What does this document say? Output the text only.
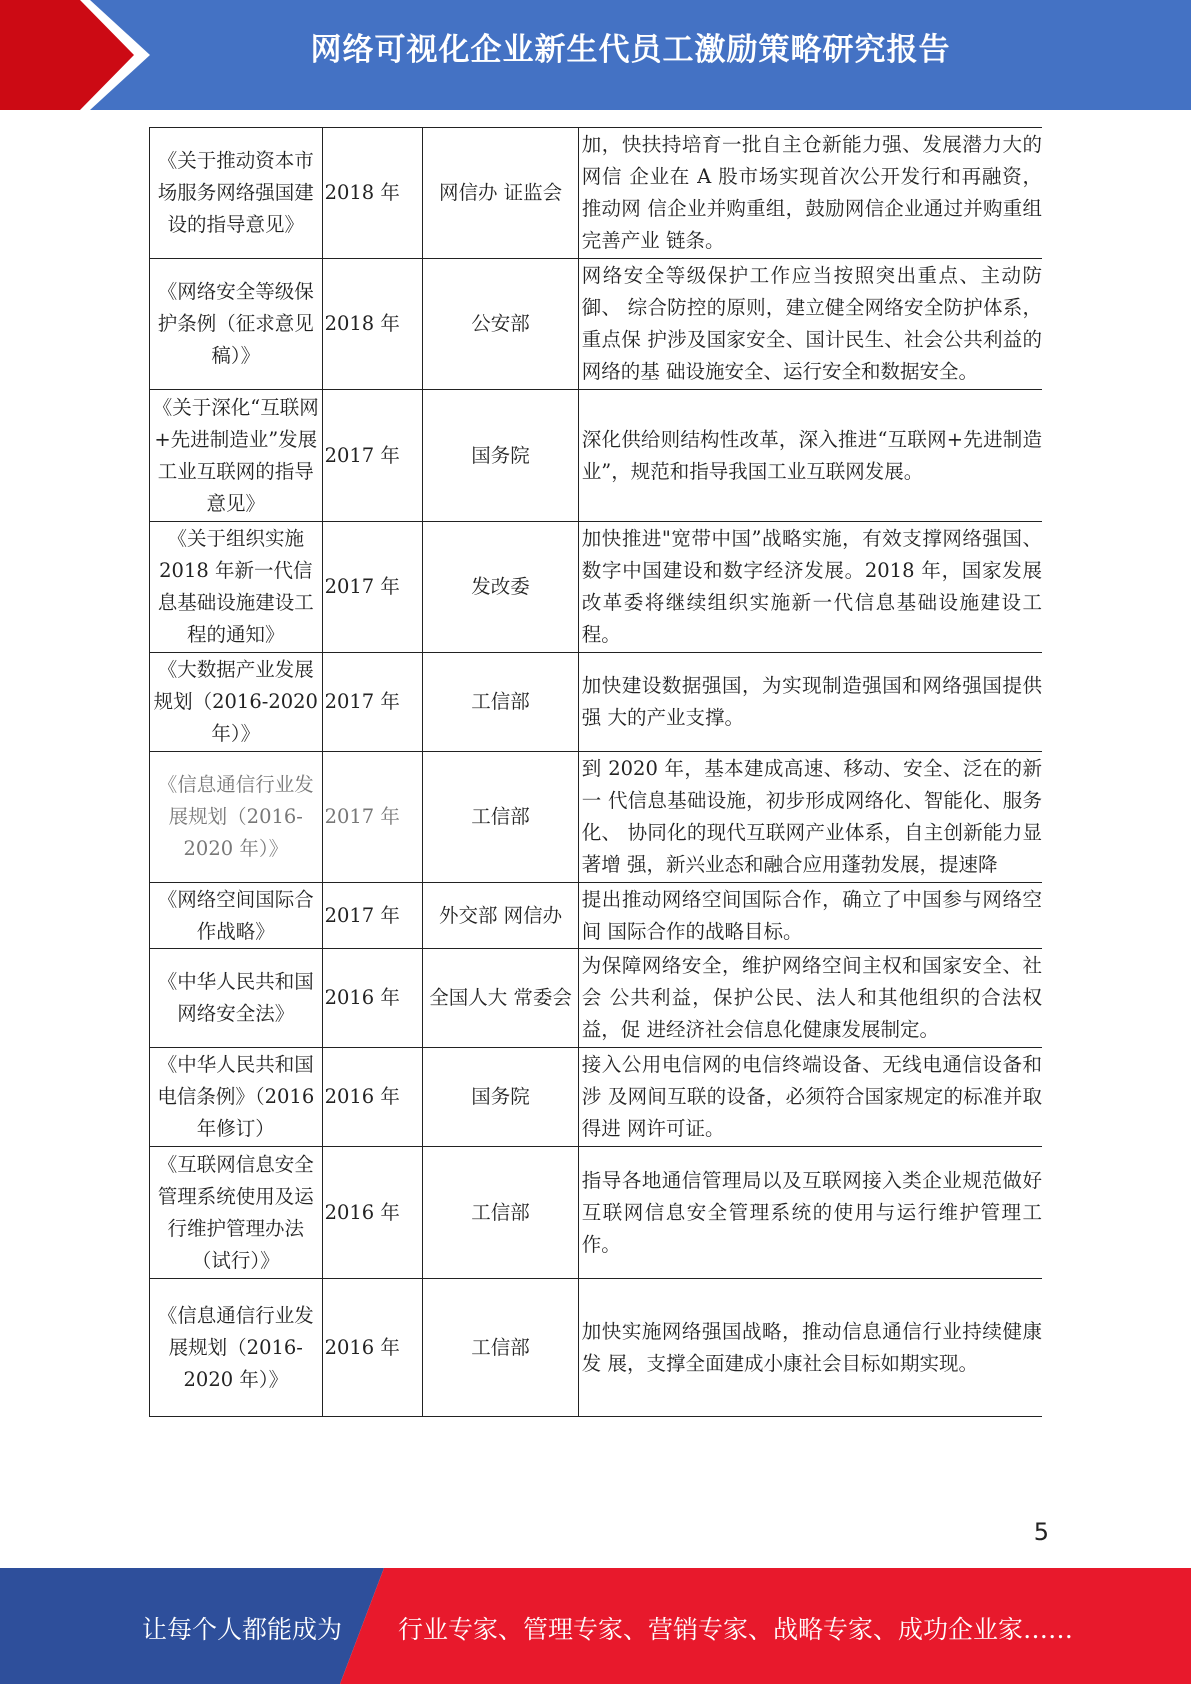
网络可视化企业新生代员工激励策略研究报告
《关于推动资本市场服务网络强国建设的指导意见》	2018 年	网信办 证监会	加，快扶持培育一批自主仓新能力强、发展潜力大的网信 企业在 A 股市场实现首次公开发行和再融资，推动网 信企业并购重组，鼓励网信企业通过并购重组完善产业 链条。
《网络安全等级保护条例（征求意见稿）》	2018 年	公安部	网络安全等级保护工作应当按照突出重点、主动防御、 综合防控的原则，建立健全网络安全防护体系，重点保 护涉及国家安全、国计民生、社会公共利益的网络的基 础设施安全、运行安全和数据安全。
《关于深化“互联网+先进制造业”发展工业互联网的指导意见》	2017 年	国务院	深化供给则结构性改革，深入推进“互联网+先进制造 业”，规范和指导我国工业互联网发展。
《关于组织实施 2018 年新一代信息基础设施建设工程的通知》	2017 年	发改委	加快推进"宽带中国”战略实施，有效支撑网络强国、数字中国建设和数字经济发展。2018 年，国家发展改革委将继续组织实施新一代信息基础设施建设工程。
《大数据产业发展规划（2016-2020 年）》	2017 年	工信部	加快建设数据强国，为实现制造强国和网络强国提供强 大的产业支撑。
《信息通信行业发展规划（2016-2020 年）》	2017 年	工信部	到 2020 年，基本建成高速、移动、安全、泛在的新一 代信息基础设施，初步形成网络化、智能化、服务化、 协同化的现代互联网产业体系，自主创新能力显著增 强，新兴业态和融合应用蓬勃发展，提速降
《网络空间国际合作战略》	2017 年	外交部 网信办	提出推动网络空间国际合作，确立了中国参与网络空间 国际合作的战略目标。
《中华人民共和国网络安全法》	2016 年	全国人大 常委会	为保障网络安全，维护网络空间主权和国家安全、社会 公共利益，保护公民、法人和其他组织的合法权益，促 进经济社会信息化健康发展制定。
《中华人民共和国电信条例》（2016 年修订）	2016 年	国务院	接入公用电信网的电信终端设备、无线电通信设备和涉 及网间互联的设备，必须符合国家规定的标准并取得进 网许可证。
《互联网信息安全管理系统使用及运行维护管理办法（试行）》	2016 年	工信部	指导各地通信管理局以及互联网接入类企业规范做好 互联网信息安全管理系统的使用与运行维护管理工作。
《信息通信行业发展规划（2016-2020 年）》	2016 年	工信部	加快实施网络强国战略，推动信息通信行业持续健康发 展，支撑全面建成小康社会目标如期实现。
5
让每个人都能成为 行业专家、管理专家、营销专家、战略专家、成功企业家……
